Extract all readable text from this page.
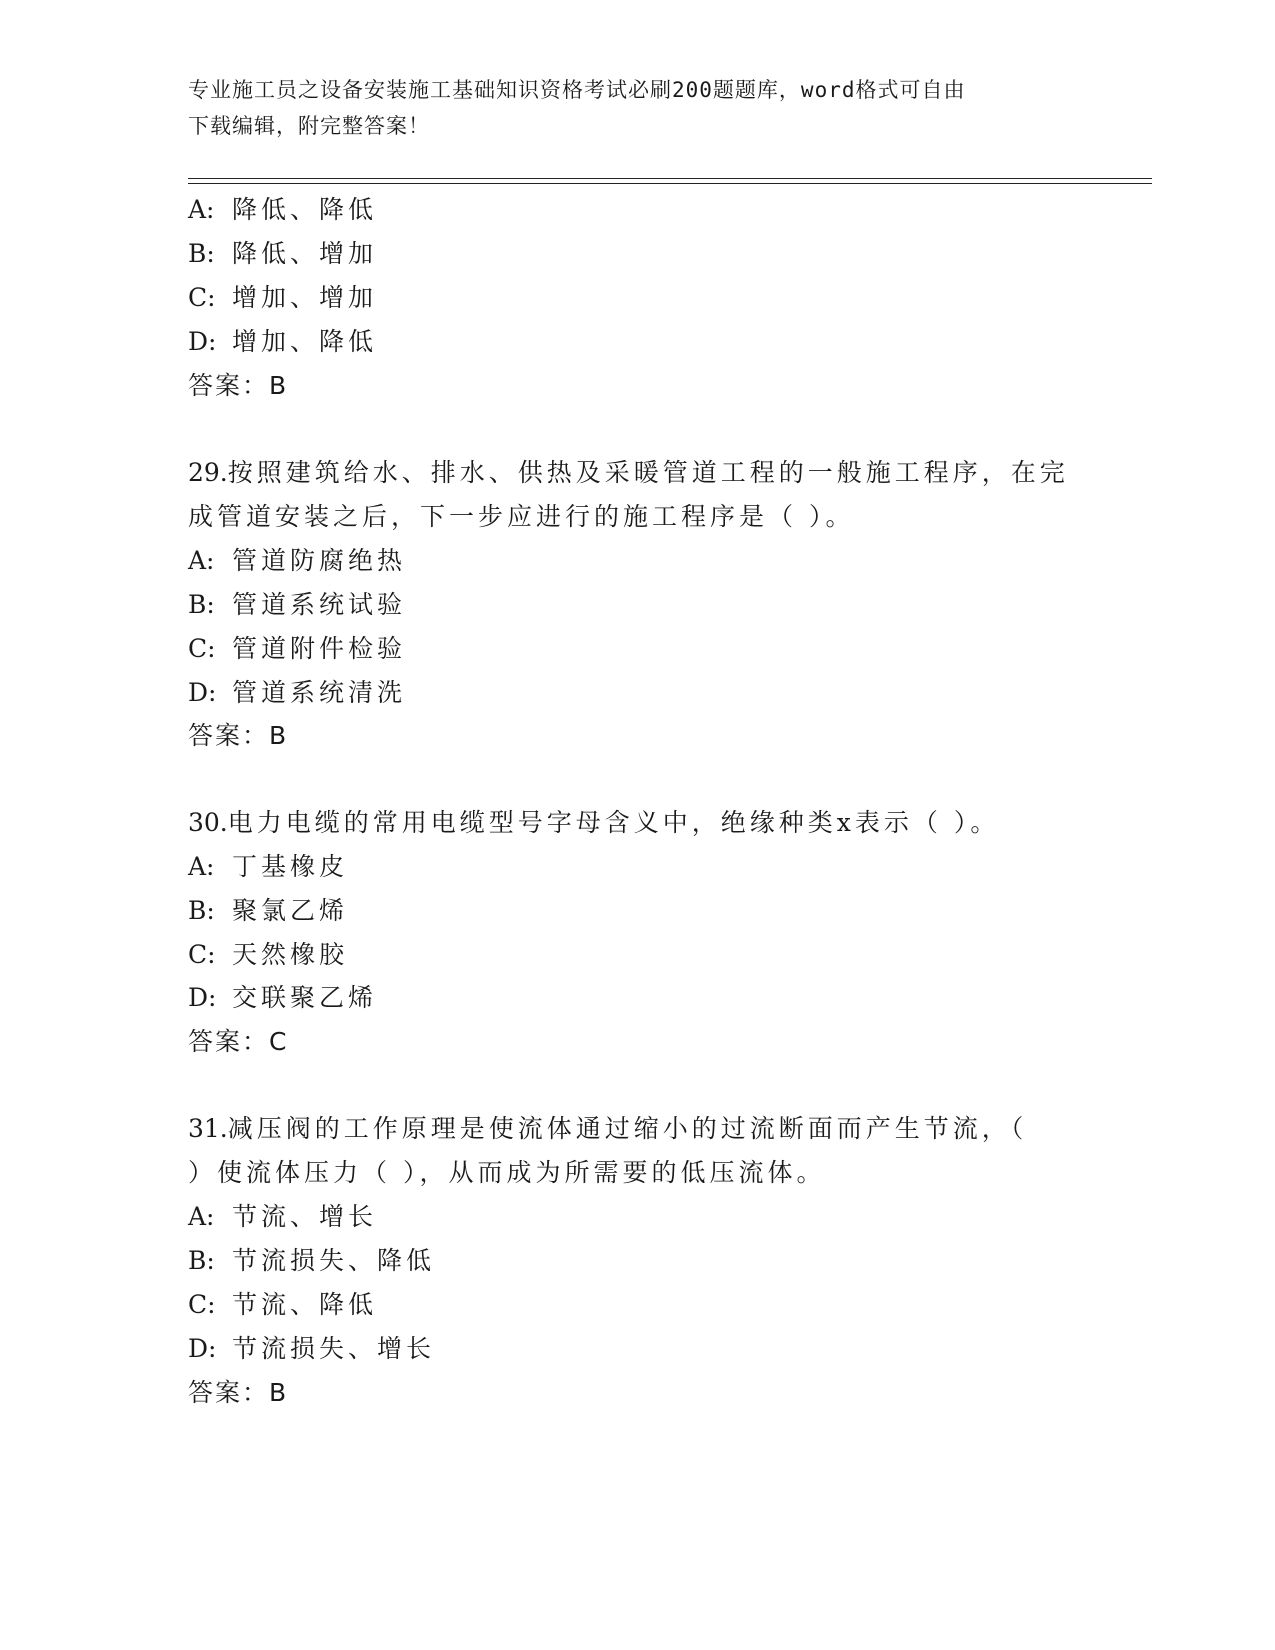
专业施工员之设备安装施工基础知识资格考试必刷200题题库，word格式可自由
下载编辑，附完整答案！
A: 降低、降低
B: 降低、增加
C: 增加、增加
D: 增加、降低
答案：B
29.按照建筑给水、排水、供热及采暖管道工程的一般施工程序，在完
成管道安装之后，下一步应进行的施工程序是（ ）。
A: 管道防腐绝热
B: 管道系统试验
C: 管道附件检验
D: 管道系统清洗
答案：B
30.电力电缆的常用电缆型号字母含义中，绝缘种类x表示（ ）。
A: 丁基橡皮
B: 聚氯乙烯
C: 天然橡胶
D: 交联聚乙烯
答案：C
31.减压阀的工作原理是使流体通过缩小的过流断面而产生节流，（
）使流体压力（ ），从而成为所需要的低压流体。
A: 节流、增长
B: 节流损失、降低
C: 节流、降低
D: 节流损失、增长
答案：B
